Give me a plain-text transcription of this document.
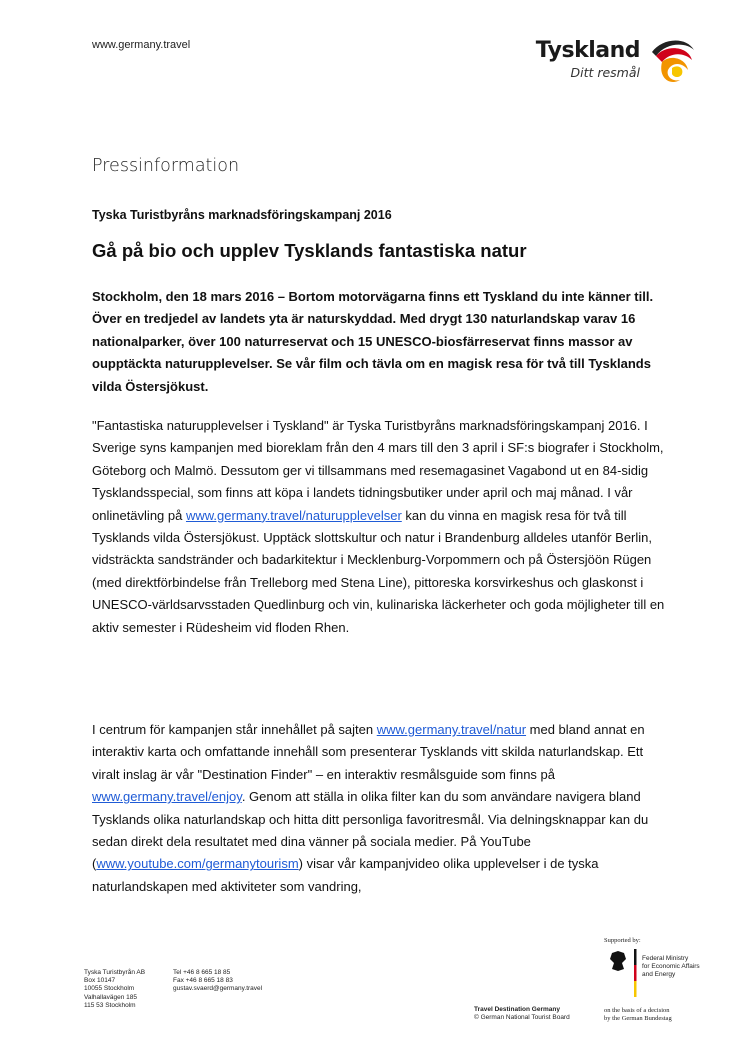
www.germany.travel	Tyskland
Ditt resmål
Pressinformation
Tyska Turistbyråns marknadsföringskampanj 2016
Gå på bio och upplev Tysklands fantastiska natur

Stockholm, den 18 mars 2016 – Bortom motorvägarna finns ett Tyskland du inte känner till. Över en tredjedel av landets yta är naturskyddad. Med drygt 130 naturlandskap varav 16 nationalparker, över 100 naturreservat och 15 UNESCO-biosfärreservat finns massor av oupptäckta naturupplevelser. Se vår film och tävla om en magisk resa för två till Tysklands vilda Östersjökust.

"Fantastiska naturupplevelser i Tyskland" är Tyska Turistbyråns marknadsföringskampanj 2016. I Sverige syns kampanjen med bioreklam från den 4 mars till den 3 april i SF:s biografer i Stockholm, Göteborg och Malmö. Dessutom ger vi tillsammans med resemagasinet Vagabond ut en 84-sidig Tysklandsspecial, som finns att köpa i landets tidningsbutiker under april och maj månad. I vår onlinetävling på www.germany.travel/naturupplevelser kan du vinna en magisk resa för två till Tysklands vilda Östersjökust. Upptäck slottskultur och natur i Brandenburg alldeles utanför Berlin, vidsträckta sandstränder och badarkitektur i Mecklenburg-Vorpommern och på Östersjöön Rügen (med direktförbindelse från Trelleborg med Stena Line), pittoreska korsvirkeshus och glaskonst i UNESCO-världsarvsstaden Quedlinburg och vin, kulinariska läckerheter och goda möjligheter till en aktiv semester i Rüdesheim vid floden Rhen.

I centrum för kampanjen står innehållet på sajten www.germany.travel/natur med bland annat en interaktiv karta och omfattande innehåll som presenterar Tysklands vitt skilda naturlandskap. Ett viralt inslag är vår "Destination Finder" – en interaktiv resmålsguide som finns på www.germany.travel/enjoy. Genom att ställa in olika filter kan du som användare navigera bland Tysklands olika naturlandskap och hitta ditt personliga favoritresmål. Via delningsknappar kan du sedan direkt dela resultatet med dina vänner på sociala medier. På YouTube (www.youtube.com/germanytourism) visar vår kampanjvideo olika upplevelser i de tyska naturlandskapen med aktiviteter som vandring,

Tyska Turistbyrån AB
Box 10147
10055 Stockholm
Valhallavägen 185
115 53 Stockholm
Tel +46 8 665 18 85
Fax +46 8 665 18 83
gustav.svaerd@germany.travel
Travel Destination Germany
© German National Tourist Board
Supported by:
Federal Ministry
for Economic Affairs
and Energy
on the basis of a decision
by the German Bundestag
